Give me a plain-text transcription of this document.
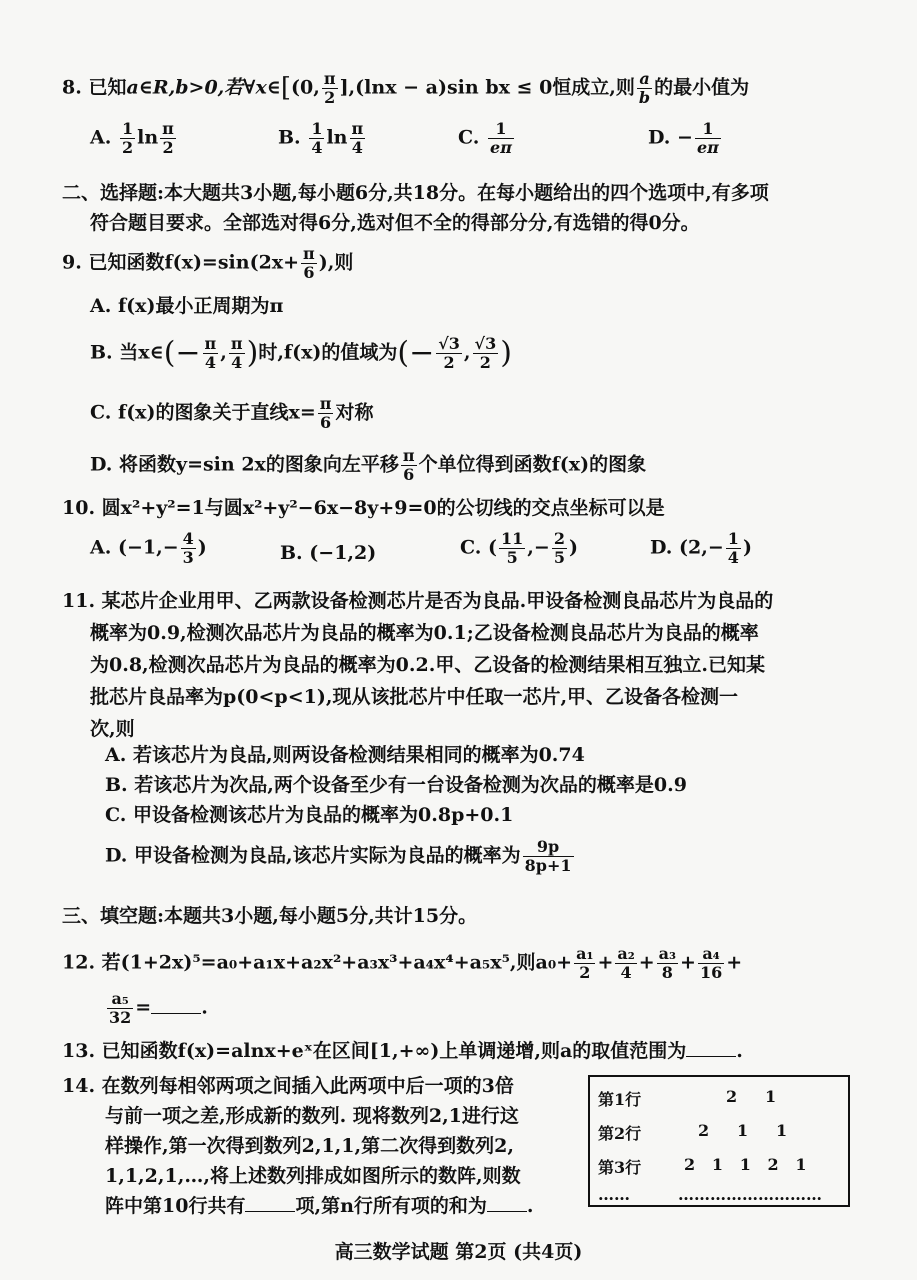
8. 已知a∈R,b>0,若∀x∈[(0, $\frac{\pi}{2} ],(\ln x - a)\sin$ bx ≤ 0恒成立,则 $\frac{a}{b}$ 的最小值为
A. $\frac{1}{2}$ $\ln \frac{\pi}{2}$	B. $\frac{1}{4}$ $\ln \frac{\pi}{4}$	C. $\frac{1}{e\pi}$	D. − $\frac{1}{e\pi}$
二、选择题:本大题共3小题,每小题6分,共18分。在每小题给出的四个选项中,有多项
符合题目要求。全部选对得6分,选对但不全的得部分分,有选错的得0分。
9. 已知函数$f(x)=\sin(2x+ \frac{\pi}{6}$ ),则
A. f(x)最小正周期为π
B. 当x∈(− $\frac{\pi}{4}$ , $\frac{\pi}{4}$ )时,f(x)的值域为(− $\frac{√3}{2}$ , $\frac{√3}{2}$ )
C. f(x)的图象关于直线$x= \frac{\pi}{6}$ 对称
D. 将函数y=sin 2x的图象向左平移 $\frac{\pi}{6}$ 个单位得到函数f(x)的图象
10. 圆x²+y²=1与圆x²+y²−6x−8y+9=0的公切线的交点坐标可以是
A. ($-1,- \frac{4}{3}$ )	B. (−1,2)	C. ( $\frac{11}{5}$ ,− $\frac{2}{5}$ )	D. ($2,- \frac{1}{4}$ )
11. 某芯片企业用甲、乙两款设备检测芯片是否为良品.甲设备检测良品芯片为良品的
概率为0.9,检测次品芯片为良品的概率为0.1;乙设备检测良品芯片为良品的概率
为0.8,检测次品芯片为良品的概率为0.2.甲、乙设备的检测结果相互独立.已知某
批芯片良品率为p(0<p<1),现从该批芯片中任取一芯片,甲、乙设备各检测一
次,则
A. 若该芯片为良品,则两设备检测结果相同的概率为0.74
B. 若该芯片为次品,两个设备至少有一台设备检测为次品的概率是0.9
C. 甲设备检测该芯片为良品的概率为0.8p+0.1
D. 甲设备检测为良品,该芯片实际为良品的概率为 $\frac{9p}{8p+1}$
三、填空题:本题共3小题,每小题5分,共计15分。
12. 若(1+2x)⁵=a₀+a₁x+a₂x²+a₃x³+a₄x⁴+a₅x⁵,则$a_0+ \frac{\text{a₁}}{2} + \frac{\text{a₂}}{4} + \frac{\text{a₃}}{8} + \frac{\text{a₄}}{16}$ +
$\frac{\text{a₅}}{32}$ =	.
13. 已知函数f(x)=alnx+eˣ在区间[1,+∞)上单调递增,则a的取值范围为	.
14. 在数列每相邻两项之间插入此两项中后一项的3倍
与前一项之差,形成新的数列. 现将数列2,1进行这
样操作,第一次得到数列2,1,1,第二次得到数列2,
1,1,2,1,…,将上述数列排成如图所示的数阵,则数
阵中第10行共有	项,第n行所有项的和为 .
第1行	2     1
第2行	2     1     1
第3行	2   1   1   2   1
……	………………………
高三数学试题 第2页 (共4页)
